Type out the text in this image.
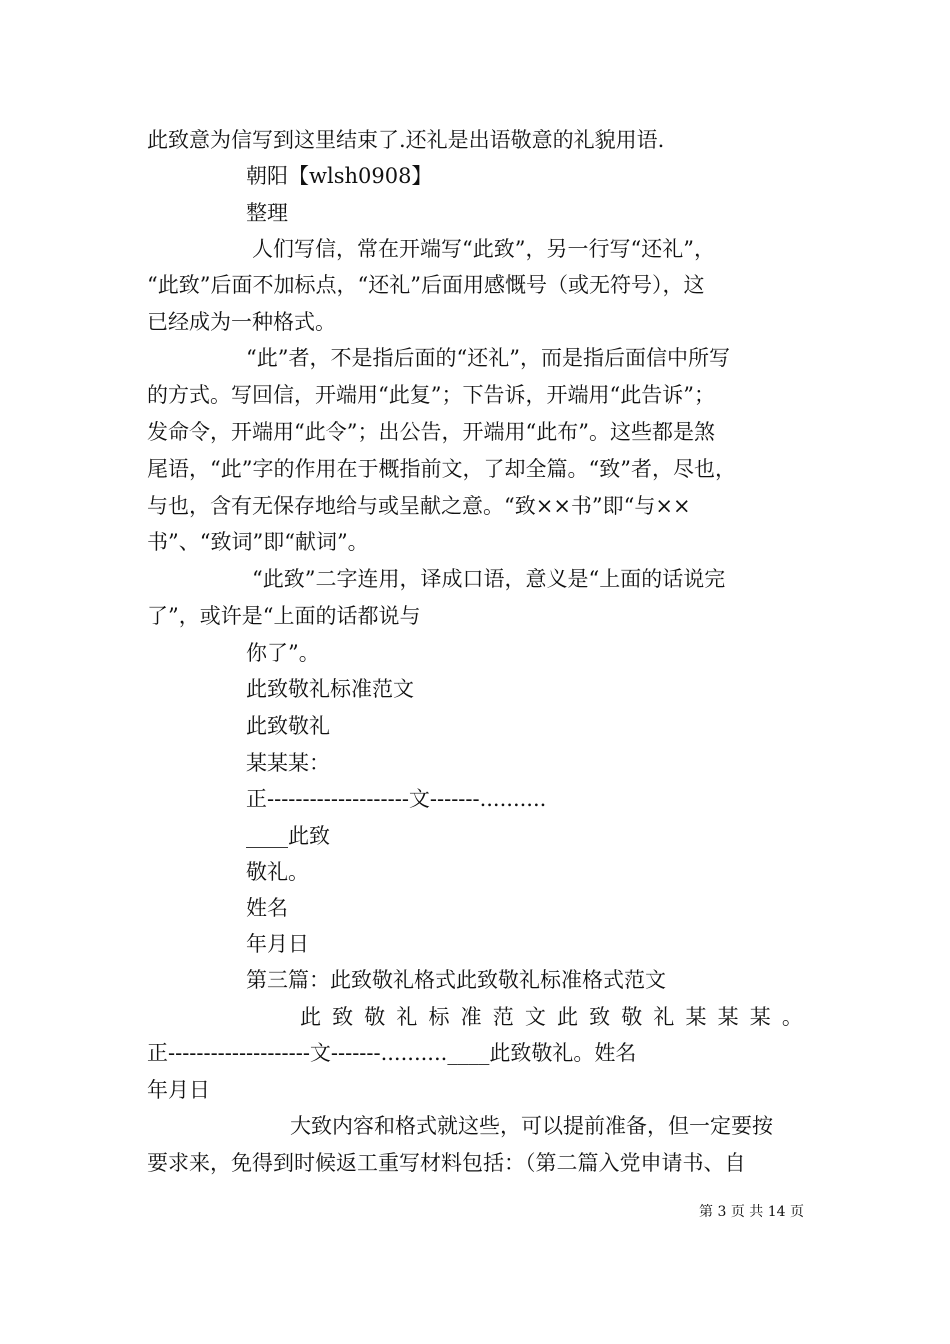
此致意为信写到这里结束了.还礼是出语敬意的礼貌用语.
朝阳【wlsh0908】
整理
人们写信，常在开端写“此致”，另一行写“还礼”，
“此致”后面不加标点，“还礼”后面用感慨号（或无符号），这
已经成为一种格式。
“此”者，不是指后面的“还礼”，而是指后面信中所写
的方式。写回信，开端用“此复”；下告诉，开端用“此告诉”；
发命令，开端用“此令”；出公告，开端用“此布”。这些都是煞
尾语，“此”字的作用在于概指前文，了却全篇。“致”者，尽也，
与也，含有无保存地给与或呈献之意。“致××书”即“与××
书”、“致词”即“献词”。
“此致”二字连用，译成口语，意义是“上面的话说完
了”，或许是“上面的话都说与
你了”。
此致敬礼标准范文
此致敬礼
某某某：
正--------------------文-------..........
____此致
敬礼。
姓名
年月日
第三篇：此致敬礼格式此致敬礼标准格式范文
此 致 敬 礼 标 准 范 文 此 致 敬 礼 某 某 某 。
正--------------------文-------..........____此致敬礼。姓名
年月日
大致内容和格式就这些，可以提前准备，但一定要按
要求来，免得到时候返工重写材料包括：（第二篇入党申请书、自
第 3 页 共 14 页
